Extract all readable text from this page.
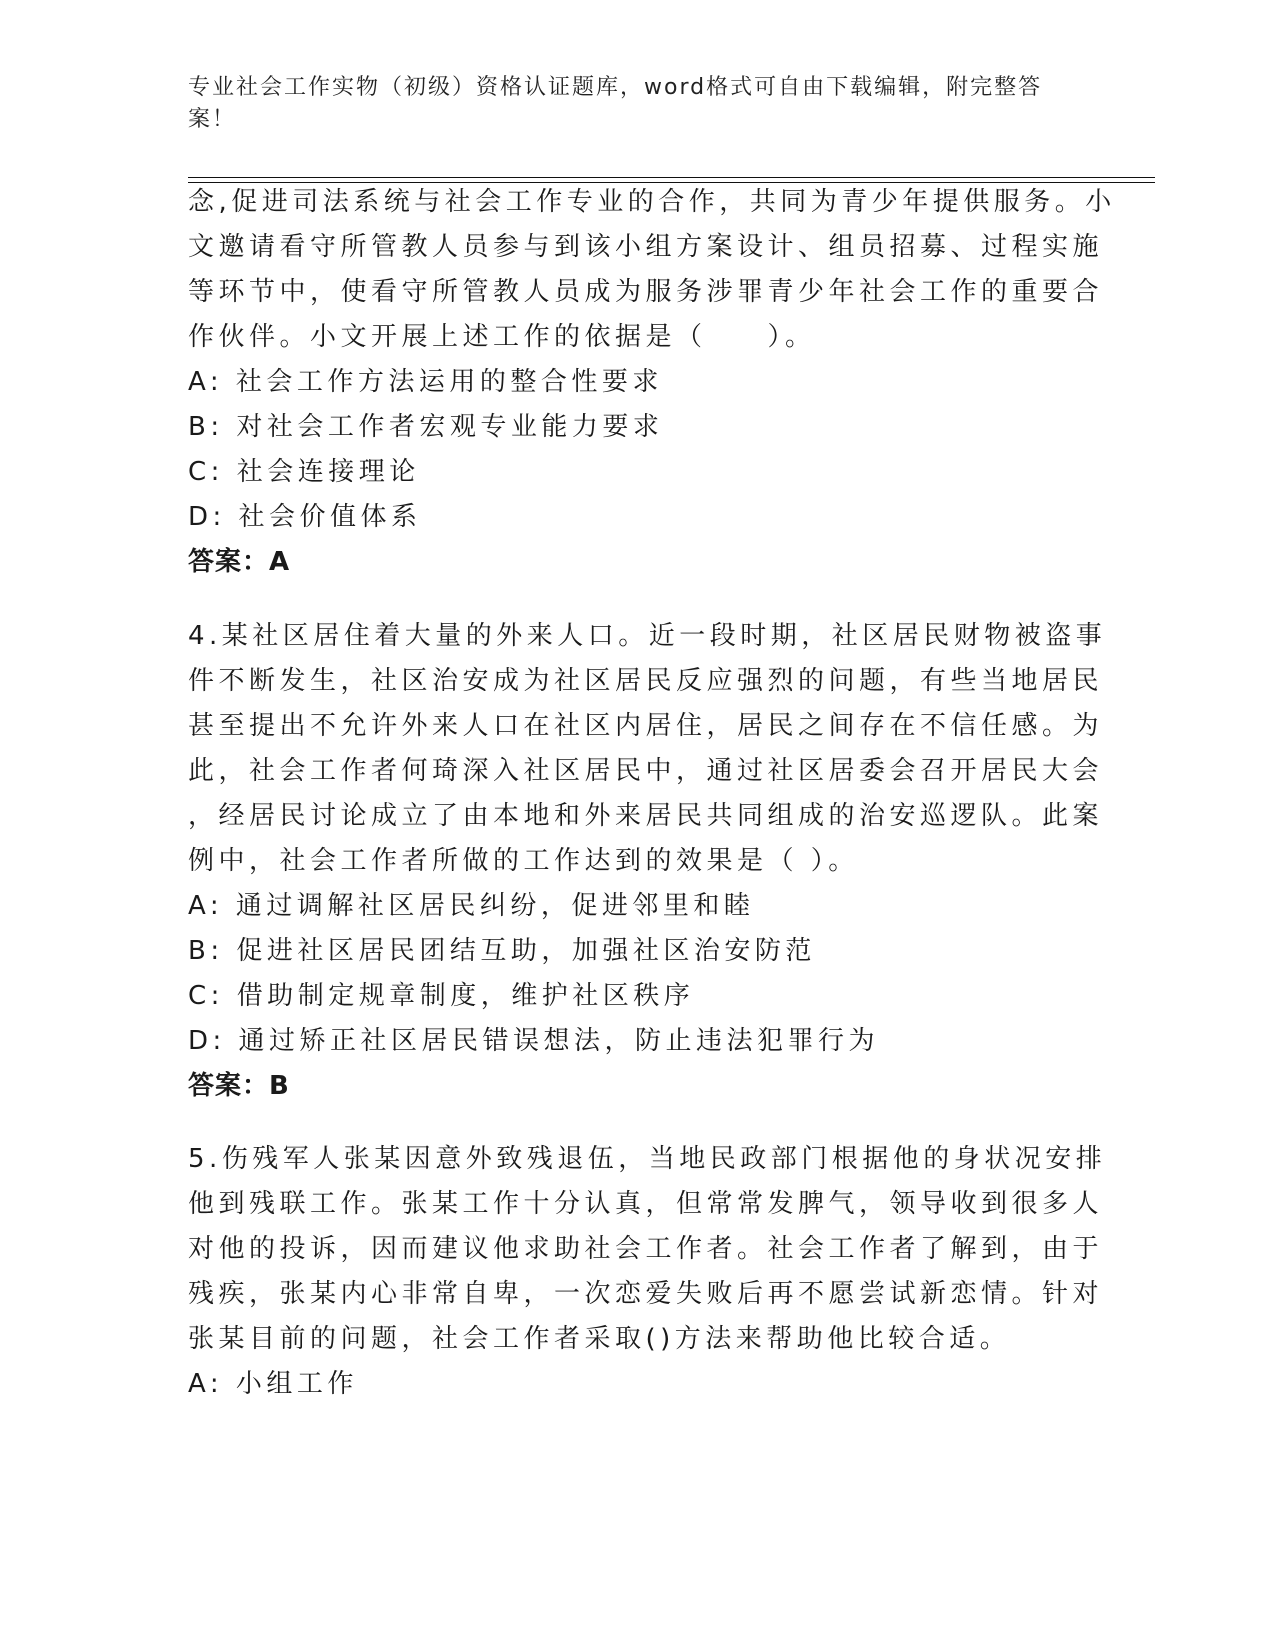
专业社会工作实物（初级）资格认证题库，word格式可自由下载编辑，附完整答
案！
念,促进司法系统与社会工作专业的合作，共同为青少年提供服务。小
文邀请看守所管教人员参与到该小组方案设计、组员招募、过程实施
等环节中，使看守所管教人员成为服务涉罪青少年社会工作的重要合
作伙伴。小文开展上述工作的依据是（　　）。
A: 社会工作方法运用的整合性要求
B: 对社会工作者宏观专业能力要求
C: 社会连接理论
D: 社会价值体系
答案：A
4.某社区居住着大量的外来人口。近一段时期，社区居民财物被盗事
件不断发生，社区治安成为社区居民反应强烈的问题，有些当地居民
甚至提出不允许外来人口在社区内居住，居民之间存在不信任感。为
此，社会工作者何琦深入社区居民中，通过社区居委会召开居民大会
，经居民讨论成立了由本地和外来居民共同组成的治安巡逻队。此案
例中，社会工作者所做的工作达到的效果是（ ）。
A: 通过调解社区居民纠纷，促进邻里和睦
B: 促进社区居民团结互助，加强社区治安防范
C: 借助制定规章制度，维护社区秩序
D: 通过矫正社区居民错误想法，防止违法犯罪行为
答案：B
5.伤残军人张某因意外致残退伍，当地民政部门根据他的身状况安排
他到残联工作。张某工作十分认真，但常常发脾气，领导收到很多人
对他的投诉，因而建议他求助社会工作者。社会工作者了解到，由于
残疾，张某内心非常自卑，一次恋爱失败后再不愿尝试新恋情。针对
张某目前的问题，社会工作者采取()方法来帮助他比较合适。
A: 小组工作
